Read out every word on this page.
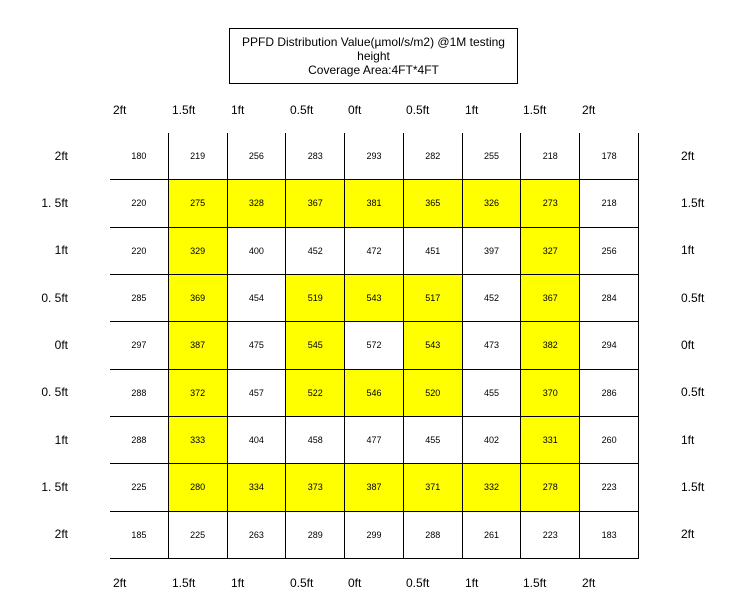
PPFD Distribution Value(µmol/s/m2) @1M testing
height
Coverage Area:4FT*4FT
2ft
2ft
1.5ft
1.5ft
1ft
1ft
0.5ft
0.5ft
0ft
0ft
0.5ft
0.5ft
1ft
1ft
1.5ft
1.5ft
2ft
2ft
2ft
1. 5ft
1ft
0. 5ft
0ft
0. 5ft
1ft
1. 5ft
2ft
2ft
1.5ft
1ft
0.5ft
0ft
0.5ft
1ft
1.5ft
2ft
180	219	256	283	293	282	255	218	178
220	275	328	367	381	365	326	273	218
220	329	400	452	472	451	397	327	256
285	369	454	519	543	517	452	367	284
297	387	475	545	572	543	473	382	294
288	372	457	522	546	520	455	370	286
288	333	404	458	477	455	402	331	260
225	280	334	373	387	371	332	278	223
185	225	263	289	299	288	261	223	183
